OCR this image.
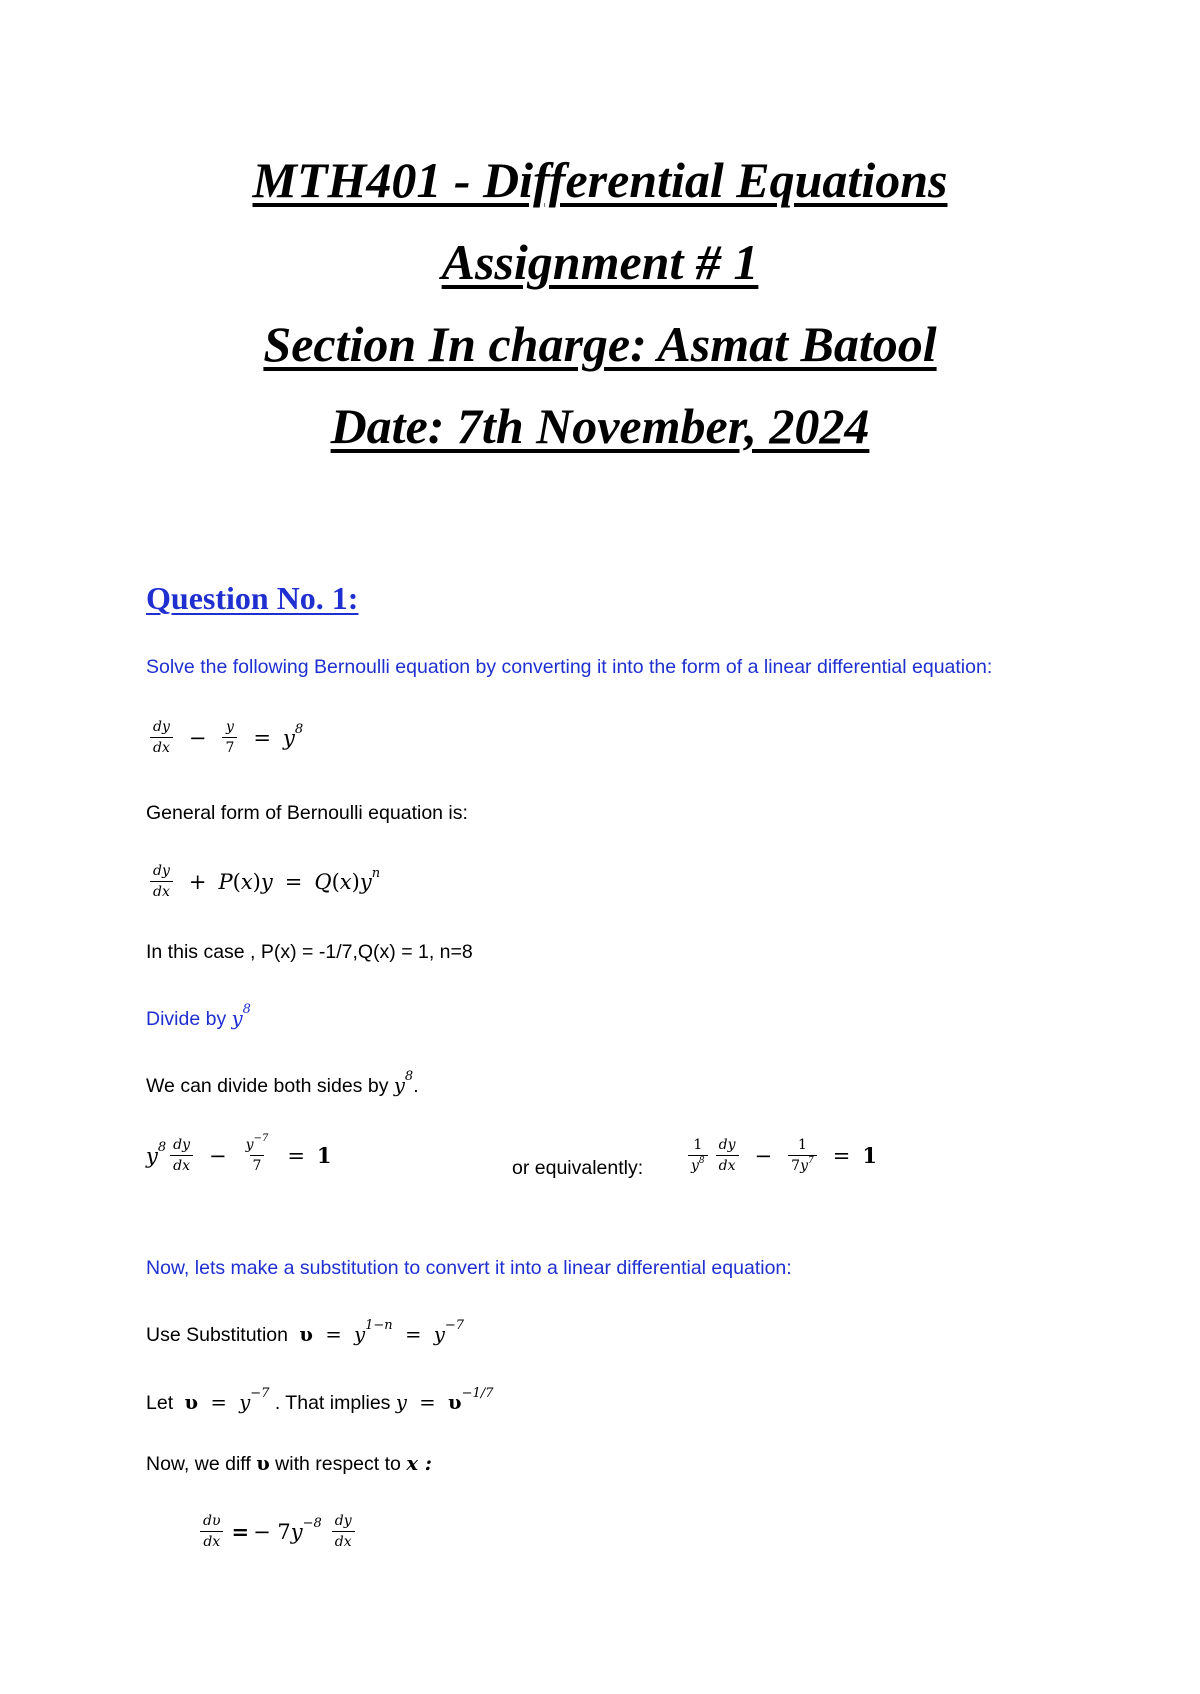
MTH401 - Differential Equations
Assignment # 1
Section In charge: Asmat Batool
Date: 7th November, 2024
Question No. 1:
Solve the following Bernoulli equation by converting it into the form of a linear differential equation:
$\frac{dy}{dx} - \frac{y}{7} = y^8$
General form of Bernoulli equation is:
$\frac{dy}{dx} + P(x)y = Q(x)y^n$
In this case , P(x) = -1/7,Q(x) = 1, n=8
Divide by $y^8$
We can divide both sides by $y^8$.
$y^8 \frac{dy}{dx} - \frac{y^{-7}}{7} = 1$	or equivalently:	$\frac{1}{y^8} \frac{dy}{dx} - \frac{1}{7y^7} = 1$
Now, lets make a substitution to convert it into a linear differential equation:
Use Substitution $\upsilon = y^{1-n} = y^{-7}$
Let $\upsilon = y^{-7}$ . That implies $y = \upsilon^{-1/7}$
Now, we diff υ with respect to x :
$\frac{d\upsilon}{dx}$ = − $7y^{-8} \frac{dy}{dx}$
